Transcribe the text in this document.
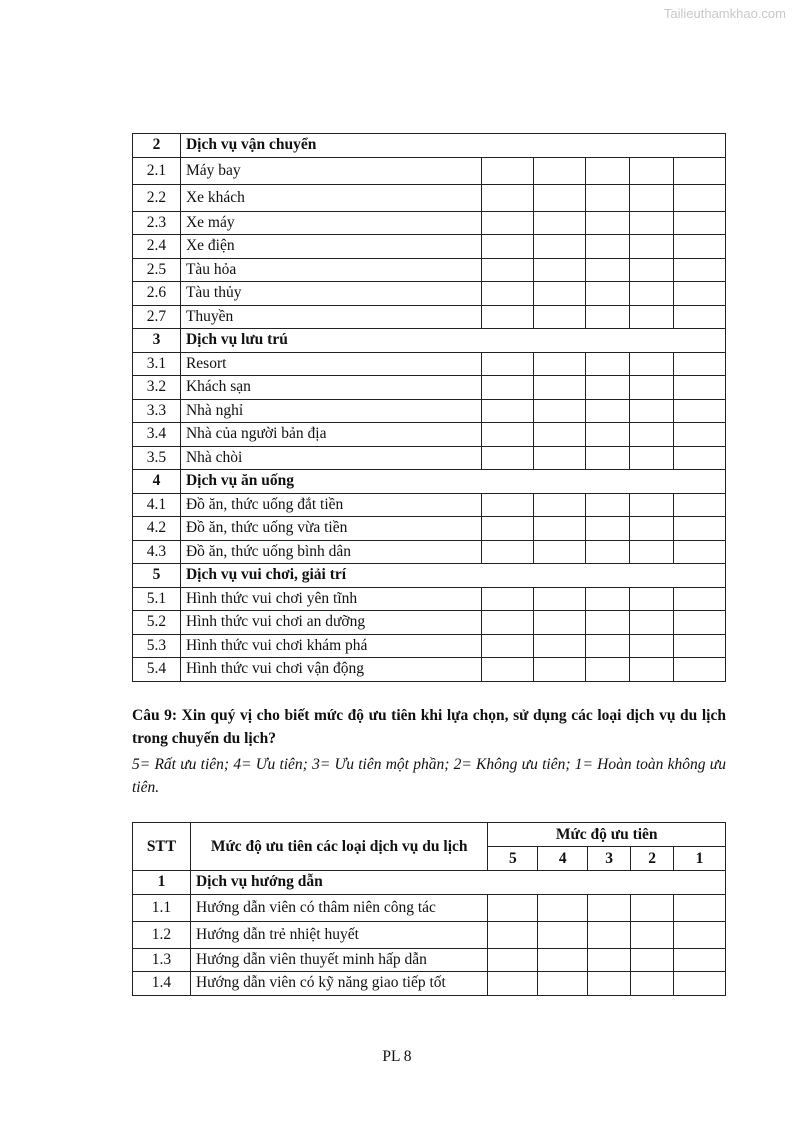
Tailieuthamkhao.com
2	Dịch vụ vận chuyển					
2.1	Máy bay					
2.2	Xe khách					
2.3	Xe máy					
2.4	Xe điện					
2.5	Tàu hỏa					
2.6	Tàu thủy					
2.7	Thuyền					
3	Dịch vụ lưu trú					
3.1	Resort					
3.2	Khách sạn					
3.3	Nhà nghỉ					
3.4	Nhà của người bản địa					
3.5	Nhà chòi					
4	Dịch vụ ăn uống					
4.1	Đồ ăn, thức uống đắt tiền					
4.2	Đồ ăn, thức uống vừa tiền					
4.3	Đồ ăn, thức uống bình dân					
5	Dịch vụ vui chơi, giải trí					
5.1	Hình thức vui chơi yên tĩnh					
5.2	Hình thức vui chơi an dưỡng					
5.3	Hình thức vui chơi khám phá					
5.4	Hình thức vui chơi vận động					
Câu 9: Xin quý vị cho biết mức độ ưu tiên khi lựa chọn, sử dụng các loại dịch vụ du lịch trong chuyến du lịch?
5= Rất ưu tiên; 4= Ưu tiên; 3= Ưu tiên một phần; 2= Không ưu tiên; 1= Hoàn toàn không ưu tiên.
STT	Mức độ ưu tiên các loại dịch vụ du lịch	Mức độ ưu tiên				
		5	4	3	2	1
1	Dịch vụ hướng dẫn					
1.1	Hướng dẫn viên có thâm niên công tác					
1.2	Hướng dẫn trẻ nhiệt huyết					
1.3	Hướng dẫn viên thuyết minh hấp dẫn					
1.4	Hướng dẫn viên có kỹ năng giao tiếp tốt					
PL 8
